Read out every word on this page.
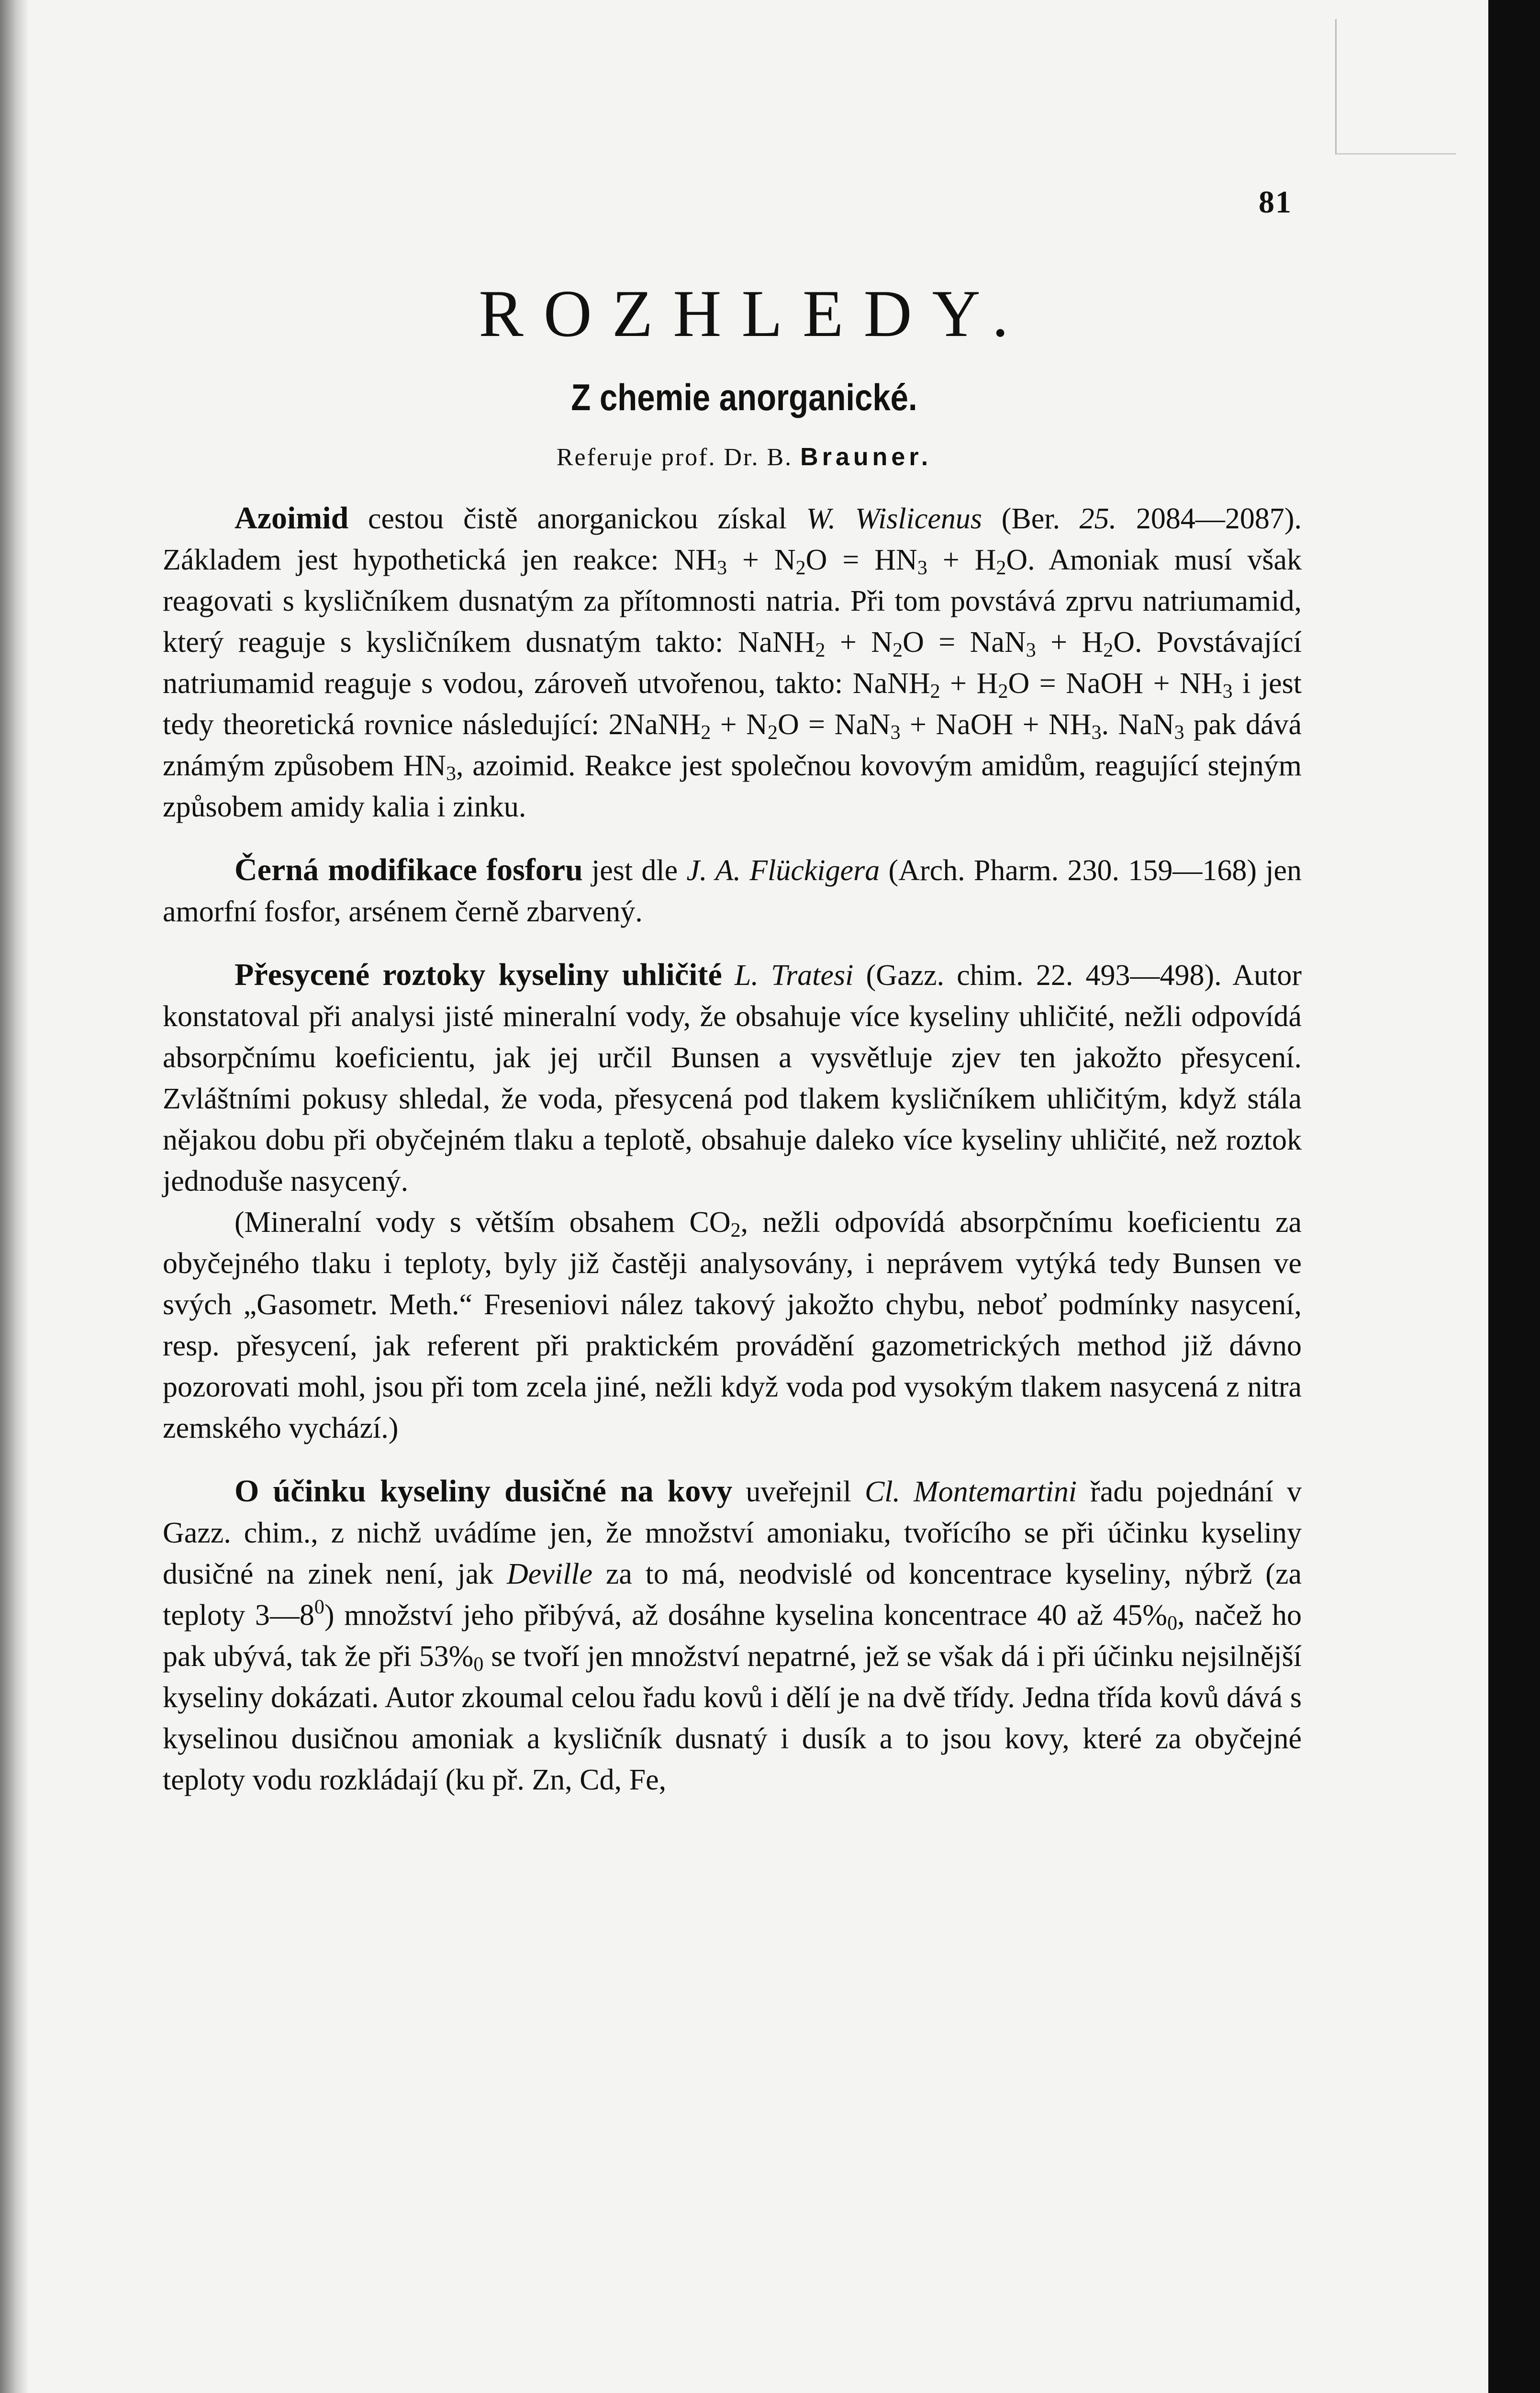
81
ROZHLEDY.
Z chemie anorganické.
Referuje prof. Dr. B. Brauner.

Azoimid cestou čistě anorganickou získal W. Wislicenus (Ber. 25. 2084—2087). Základem jest hypothetická jen reakce: $NH_3 + N_2O = HN_3 + H_2O$. Amoniak musí však reagovati s kysličníkem dusnatým za přítomnosti natria. Při tom povstává zprvu natriumamid, který reaguje s kysličníkem dusnatým takto: NaNH$_2$ + $N_2O = NaN_3 + H_2O$. Povstávající natriumamid reaguje s vodou, zároveň utvořenou, takto: NaNH$_2$ + $H_2O$ = NaOH + $NH_3$ i jest tedy theoretická rovnice následující: 2NaNH$_2$ + $N_2O = NaN_3$ + NaOH + $NH_3$. NaN$_3$ pak dává známým způsobem $HN_3$, azoimid. Reakce jest společnou kovovým amidům, reagující stejným způsobem amidy kalia i zinku.

Černá modifikace fosforu jest dle J. A. Flückigera (Arch. Pharm. 230. 159—168) jen amorfní fosfor, arsénem černě zbarvený.

Přesycené roztoky kyseliny uhličité L. Tratesi (Gazz. chim. 22. 493—498). Autor konstatoval při analysi jisté mineralní vody, že obsahuje více kyseliny uhličité, nežli odpovídá absorpčnímu koeficientu, jak jej určil Bunsen a vysvětluje zjev ten jakožto přesycení. Zvláštními pokusy shledal, že voda, přesycená pod tlakem kysličníkem uhličitým, když stála nějakou dobu při obyčejném tlaku a teplotě, obsahuje daleko více kyseliny uhličité, než roztok jednoduše nasycený.

(Mineralní vody s větším obsahem $CO_2$, nežli odpovídá absorpčnímu koeficientu za obyčejného tlaku i teploty, byly již častěji analysovány, i neprávem vytýká tedy Bunsen ve svých „Gasometr. Meth.“ Freseniovi nález takový jakožto chybu, neboť podmínky nasycení, resp. přesycení, jak referent při praktickém provádění gazometrických method již dávno pozorovati mohl, jsou při tom zcela jiné, nežli když voda pod vysokým tlakem nasycená z nitra zemského vychází.)

O účinku kyseliny dusičné na kovy uveřejnil Cl. Montemartini řadu pojednání v Gazz. chim., z nichž uvádíme jen, že množství amoniaku, tvořícího se při účinku kyseliny dusičné na zinek není, jak Deville za to má, neodvislé od koncentrace kyseliny, nýbrž (za teploty $3—8^0$) množství jeho přibývá, až dosáhne kyselina koncentrace 40 až $45\%_0$, načež ho pak ubývá, tak že při $53\%_0$ se tvoří jen množství nepatrné, jež se však dá i při účinku nejsilnější kyseliny dokázati. Autor zkoumal celou řadu kovů i dělí je na dvě třídy. Jedna třída kovů dává s kyselinou dusičnou amoniak a kysličník dusnatý i dusík a to jsou kovy, které za obyčejné teploty vodu rozkládají (ku př. Zn, Cd, Fe,
